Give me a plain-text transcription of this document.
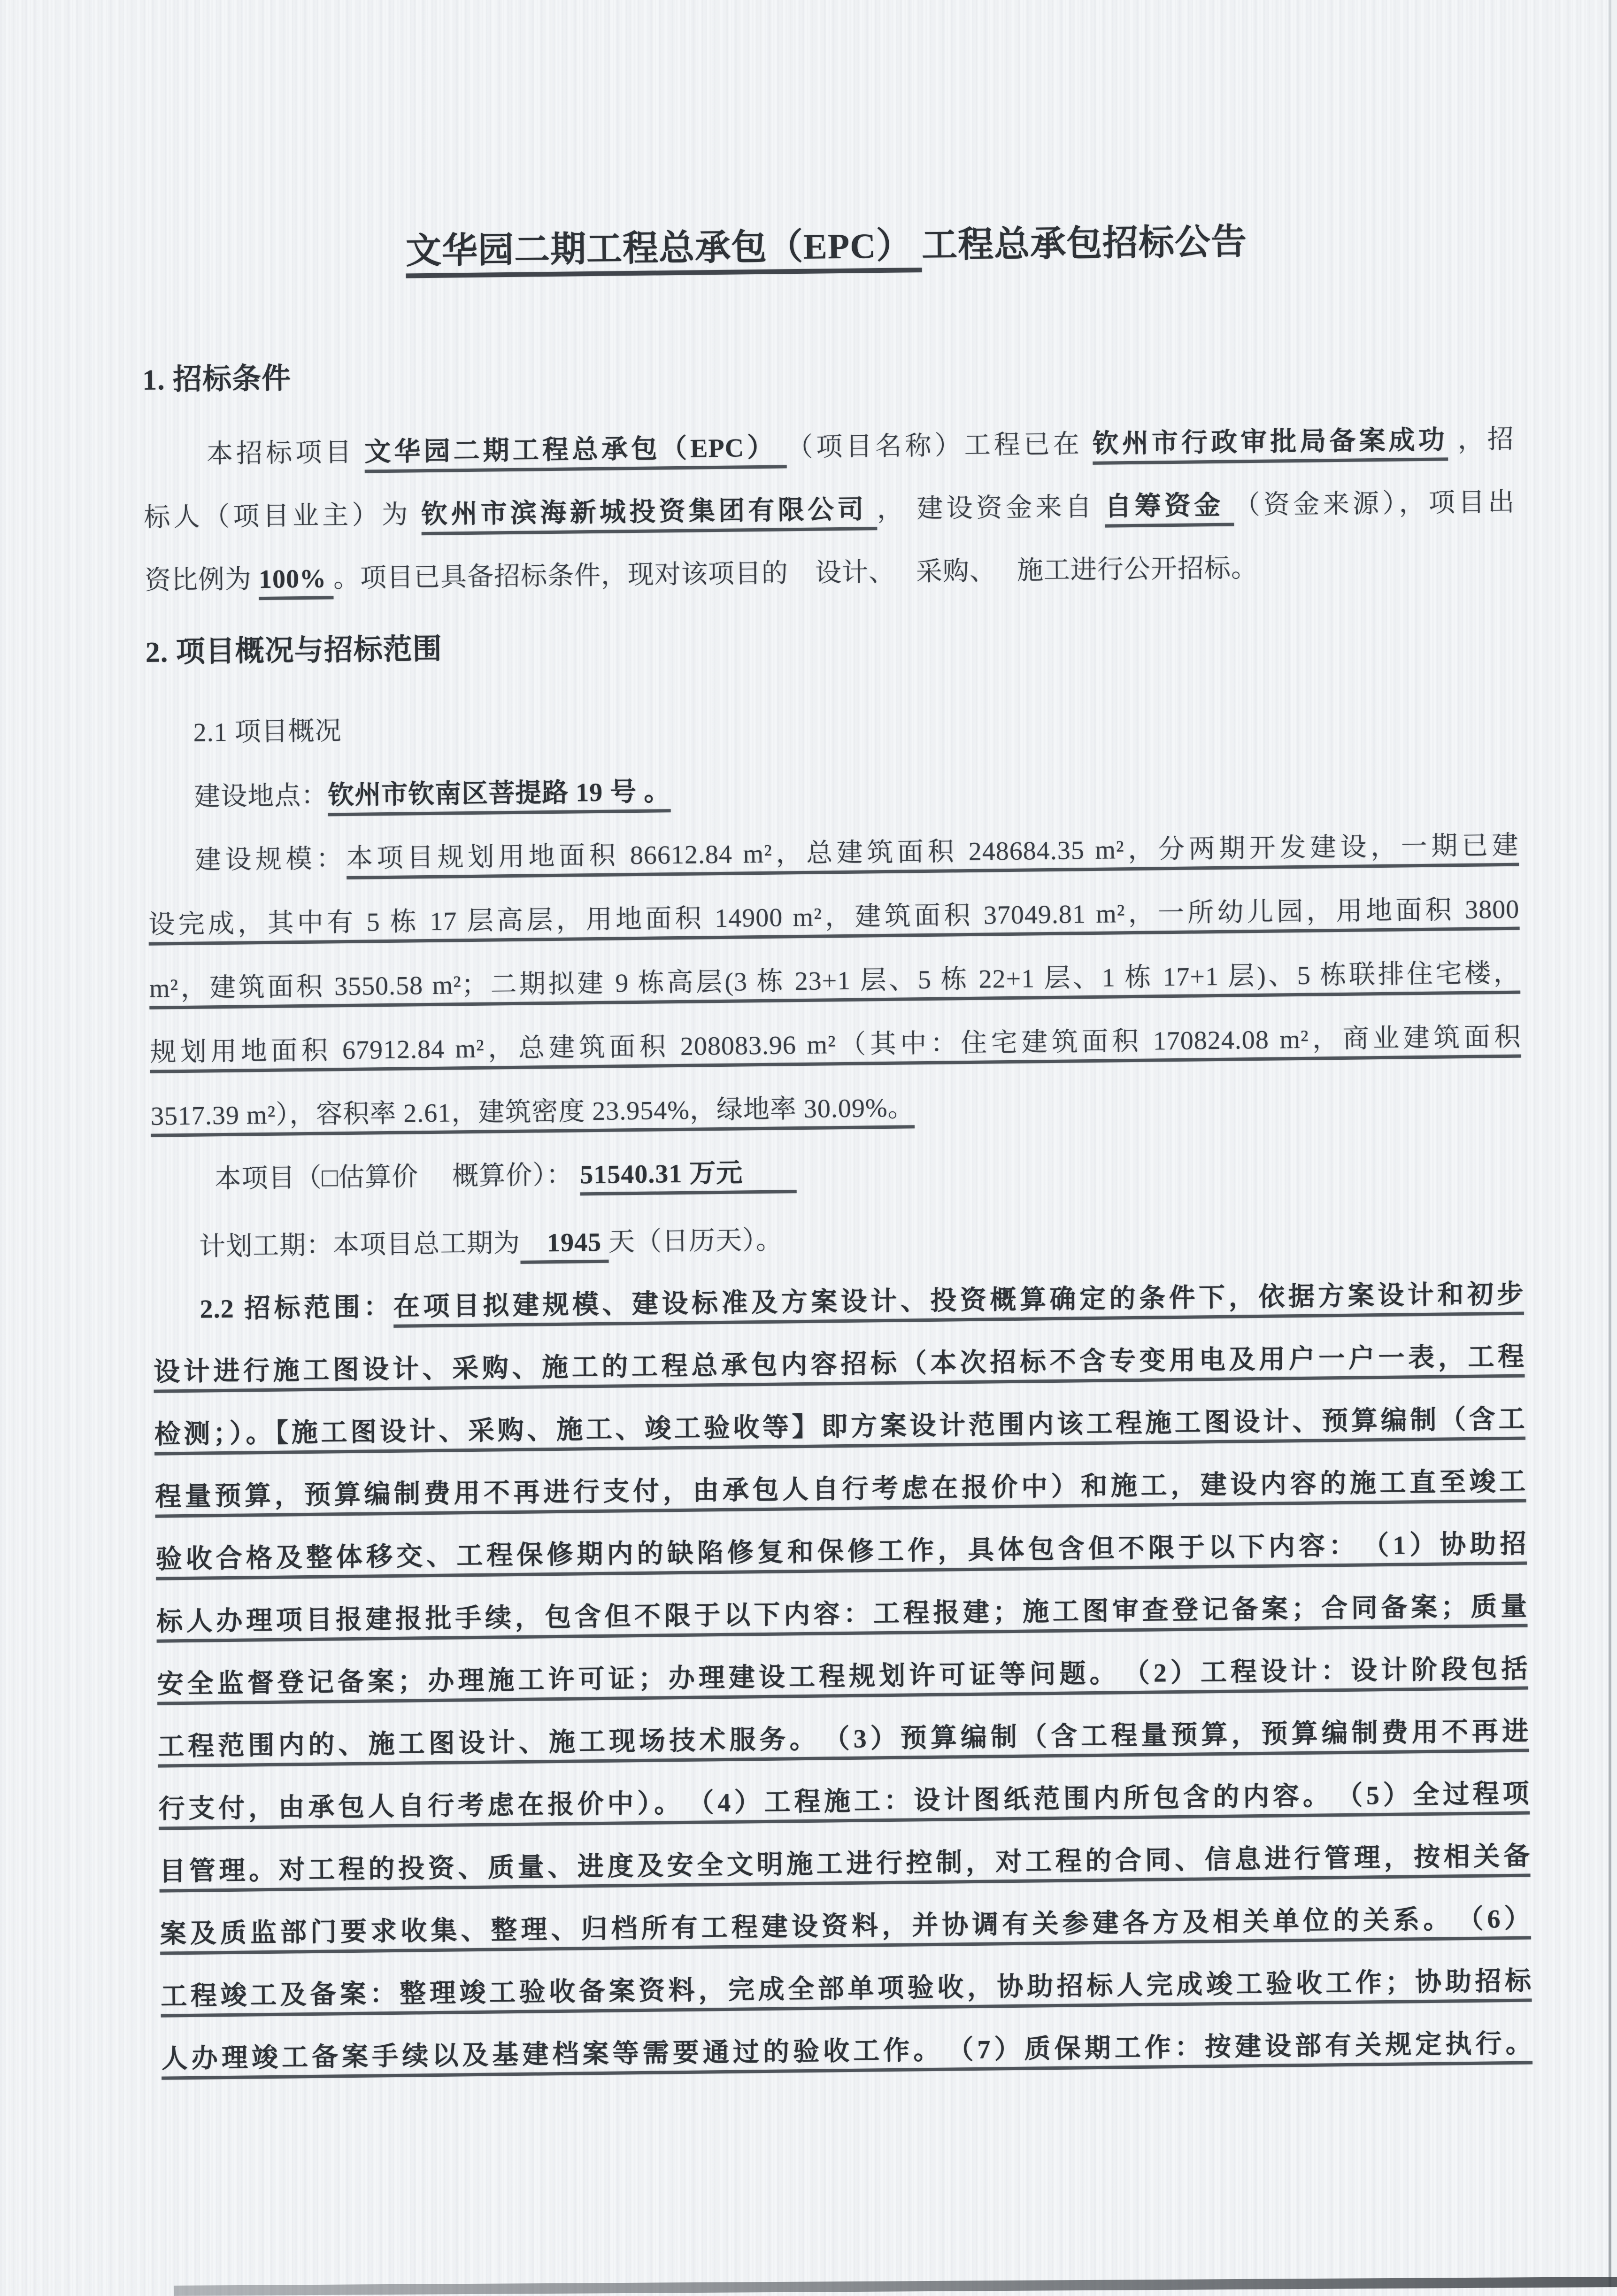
文华园二期工程总承包（EPC） 工程总承包招标公告
1. 招标条件
本招标项目 文华园二期工程总承包（EPC） （项目名称）工程已在 钦州市行政审批局备案成功 ，招
标人（项目业主）为 钦州市滨海新城投资集团有限公司 ， 建设资金来自 自筹资金 （资金来源），项目出
资比例为 100% 。项目已具备招标条件，现对该项目的　设计、　 采购、　 施工进行公开招标。
2. 项目概况与招标范围
2.1 项目概况
建设地点：钦州市钦南区菩提路 19 号 。
建设规模：本项目规划用地面积 86612.84 m²，总建筑面积 248684.35 m²，分两期开发建设，一期已建
设完成，其中有 5 栋 17 层高层，用地面积 14900 m²，建筑面积 37049.81 m²，一所幼儿园，用地面积 3800
m²，建筑面积 3550.58 m²；二期拟建 9 栋高层(3 栋 23+1 层、5 栋 22+1 层、1 栋 17+1 层)、5 栋联排住宅楼，
规划用地面积 67912.84 m²，总建筑面积 208083.96 m²（其中：住宅建筑面积 170824.08 m²，商业建筑面积
3517.39 m²），容积率 2.61，建筑密度 23.954%，绿地率 30.09%。
本项目（□估算价　 概算价）： 51540.31 万元　　
计划工期：本项目总工期为　1945 天（日历天）。
2.2 招标范围：在项目拟建规模、建设标准及方案设计、投资概算确定的条件下，依据方案设计和初步
设计进行施工图设计、采购、施工的工程总承包内容招标（本次招标不含专变用电及用户一户一表，工程
检测；）。【施工图设计、采购、施工、竣工验收等】即方案设计范围内该工程施工图设计、预算编制（含工
程量预算，预算编制费用不再进行支付，由承包人自行考虑在报价中）和施工，建设内容的施工直至竣工
验收合格及整体移交、工程保修期内的缺陷修复和保修工作，具体包含但不限于以下内容：　（1）协助招
标人办理项目报建报批手续，包含但不限于以下内容：工程报建；施工图审查登记备案；合同备案；质量
安全监督登记备案；办理施工许可证；办理建设工程规划许可证等问题。　（2）工程设计：设计阶段包括
工程范围内的、施工图设计、施工现场技术服务。　（3）预算编制（含工程量预算，预算编制费用不再进
行支付，由承包人自行考虑在报价中）。　（4）工程施工：设计图纸范围内所包含的内容。　（5）全过程项
目管理。对工程的投资、质量、进度及安全文明施工进行控制，对工程的合同、信息进行管理，按相关备
案及质监部门要求收集、整理、归档所有工程建设资料，并协调有关参建各方及相关单位的关系。　（6）
工程竣工及备案：整理竣工验收备案资料，完成全部单项验收，协助招标人完成竣工验收工作；协助招标
人办理竣工备案手续以及基建档案等需要通过的验收工作。　（7）质保期工作：按建设部有关规定执行。
